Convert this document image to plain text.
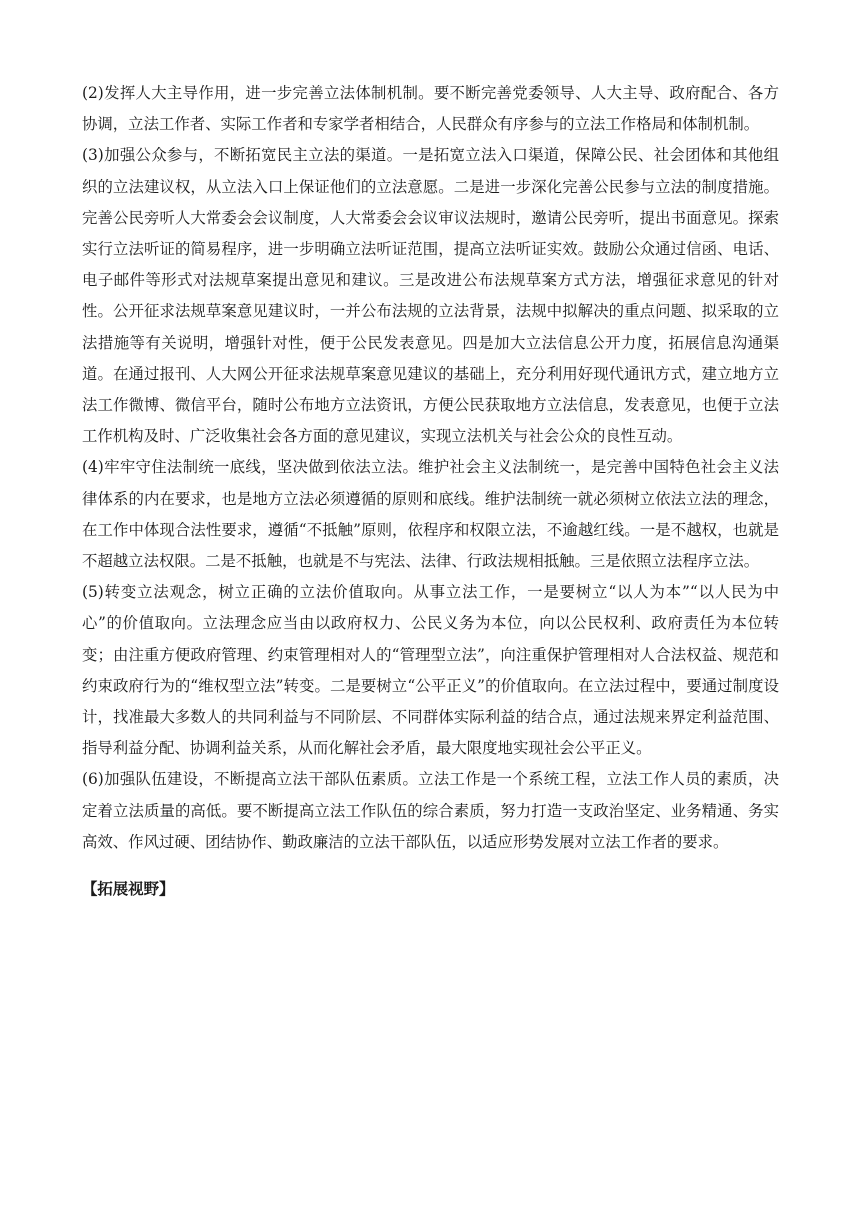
(2)发挥人大主导作用，进一步完善立法体制机制。要不断完善党委领导、人大主导、政府配合、各方协调，立法工作者、实际工作者和专家学者相结合，人民群众有序参与的立法工作格局和体制机制。

(3)加强公众参与，不断拓宽民主立法的渠道。一是拓宽立法入口渠道，保障公民、社会团体和其他组织的立法建议权，从立法入口上保证他们的立法意愿。二是进一步深化完善公民参与立法的制度措施。完善公民旁听人大常委会会议制度，人大常委会会议审议法规时，邀请公民旁听，提出书面意见。探索实行立法听证的简易程序，进一步明确立法听证范围，提高立法听证实效。鼓励公众通过信函、电话、电子邮件等形式对法规草案提出意见和建议。三是改进公布法规草案方式方法，增强征求意见的针对性。公开征求法规草案意见建议时，一并公布法规的立法背景，法规中拟解决的重点问题、拟采取的立法措施等有关说明，增强针对性，便于公民发表意见。四是加大立法信息公开力度，拓展信息沟通渠道。在通过报刊、人大网公开征求法规草案意见建议的基础上，充分利用好现代通讯方式，建立地方立法工作微博、微信平台，随时公布地方立法资讯，方便公民获取地方立法信息，发表意见，也便于立法工作机构及时、广泛收集社会各方面的意见建议，实现立法机关与社会公众的良性互动。

(4)牢牢守住法制统一底线，坚决做到依法立法。维护社会主义法制统一，是完善中国特色社会主义法律体系的内在要求，也是地方立法必须遵循的原则和底线。维护法制统一就必须树立依法立法的理念，在工作中体现合法性要求，遵循“不抵触”原则，依程序和权限立法，不逾越红线。一是不越权，也就是不超越立法权限。二是不抵触，也就是不与宪法、法律、行政法规相抵触。三是依照立法程序立法。

(5)转变立法观念，树立正确的立法价值取向。从事立法工作，一是要树立“以人为本”“以人民为中心”的价值取向。立法理念应当由以政府权力、公民义务为本位，向以公民权利、政府责任为本位转变；由注重方便政府管理、约束管理相对人的“管理型立法”，向注重保护管理相对人合法权益、规范和约束政府行为的“维权型立法”转变。二是要树立“公平正义”的价值取向。在立法过程中，要通过制度设计，找准最大多数人的共同利益与不同阶层、不同群体实际利益的结合点，通过法规来界定利益范围、指导利益分配、协调利益关系，从而化解社会矛盾，最大限度地实现社会公平正义。

(6)加强队伍建设，不断提高立法干部队伍素质。立法工作是一个系统工程，立法工作人员的素质，决定着立法质量的高低。要不断提高立法工作队伍的综合素质，努力打造一支政治坚定、业务精通、务实高效、作风过硬、团结协作、勤政廉洁的立法干部队伍，以适应形势发展对立法工作者的要求。

【拓展视野】
